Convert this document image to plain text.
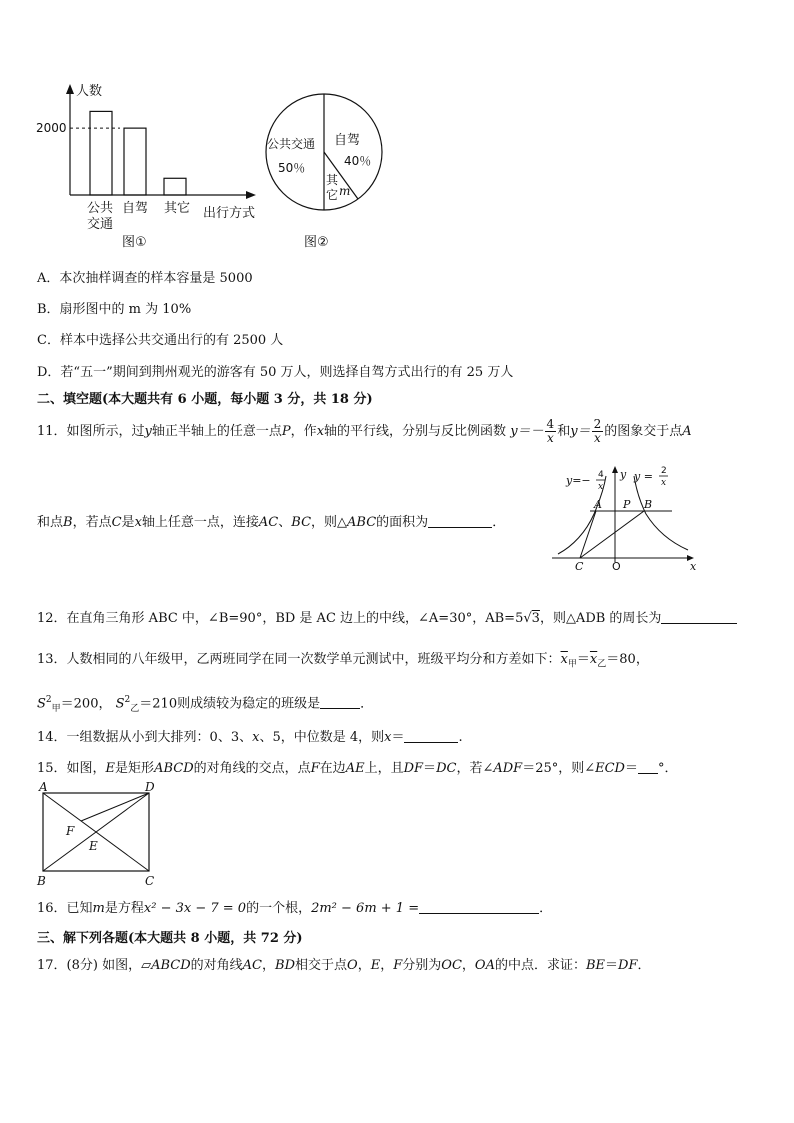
人数
2000
出行方式
公共
交通
自驾 其它
图①
公共交通
50％
自驾
40％
其
它 m
图②
A．本次抽样调查的样本容量是 5000
B．扇形图中的 m 为 10%
C．样本中选择公共交通出行的有 2500 人
D．若“五一”期间到荆州观光的游客有 50 万人，则选择自驾方式出行的有 25 万人
二、填空题(本大题共有 6 小题，每小题 3 分，共 18 分)
11．如图所示，过y轴正半轴上的任意一点P，作x轴的平行线，分别与反比例函数 $y=- \frac{4}{x}$ 和$y= \frac{2}{x}$ 的图象交于点A
和点B，若点C是x轴上任意一点，连接AC、BC，则△ABC的面积为	．
y=− 4
x
y = 2
x
y
x
A P B
C	O
12．在直角三角形 ABC 中，∠B=90°，BD 是 AC 边上的中线，∠A=30°，AB=5√3，则△ADB 的周长为
13．人数相同的八年级甲，乙两班同学在同一次数学单元测试中，班级平均分和方差如下：$\overline{x}_甲=\overline{x}_乙=80$，
$S^2_甲=200$， $S^2_乙=210$则成绩较为稳定的班级是	．
14．一组数据从小到大排列：0、3、x、5，中位数是 4，则x＝	.
15．如图，E是矩形ABCD的对角线的交点，点F在边AE上，且DF＝DC，若∠ADF＝25°，则∠ECD＝ °．
A	D
F
E
B	C
16．已知m是方程x² − 3x − 7 = 0的一个根，2m² − 6m + 1 =	．
三、解下列各题(本大题共 8 小题，共 72 分)
17．(8分) 如图，▱ABCD的对角线AC，BD相交于点O，E，F分别为OC，OA的中点．求证：BE＝DF．
